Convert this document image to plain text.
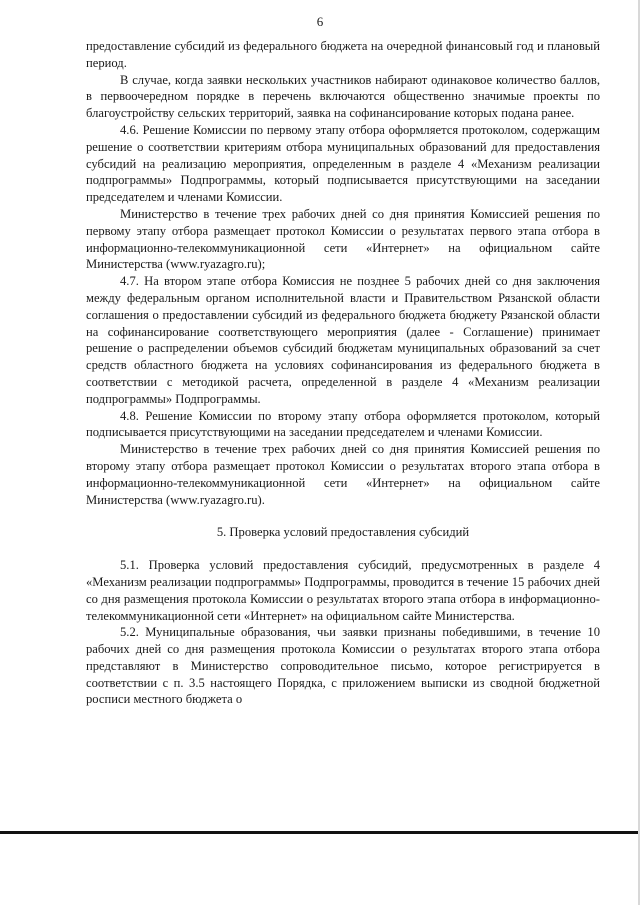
6

предоставление субсидий из федерального бюджета на очередной финансовый год и плановый период.

В случае, когда заявки нескольких участников набирают одинаковое количество баллов, в первоочередном порядке в перечень включаются общественно значимые проекты по благоустройству сельских территорий, заявка на софинансирование которых подана ранее.

4.6. Решение Комиссии по первому этапу отбора оформляется протоколом, содержащим решение о соответствии критериям отбора муниципальных образований для предоставления субсидий на реализацию мероприятия, определенным в разделе 4 «Механизм реализации подпрограммы» Подпрограммы, который подписывается присутствующими на заседании председателем и членами Комиссии.

Министерство в течение трех рабочих дней со дня принятия Комиссией решения по первому этапу отбора размещает протокол Комиссии о результатах первого этапа отбора в информационно-телекоммуникационной сети «Интернет» на официальном сайте Министерства (www.ryazagro.ru);

4.7. На втором этапе отбора Комиссия не позднее 5 рабочих дней со дня заключения между федеральным органом исполнительной власти и Правительством Рязанской области соглашения о предоставлении субсидий из федерального бюджета бюджету Рязанской области на софинансирование соответствующего мероприятия (далее - Соглашение) принимает решение о распределении объемов субсидий бюджетам муниципальных образований за счет средств областного бюджета на условиях софинансирования из федерального бюджета в соответствии с методикой расчета, определенной в разделе 4 «Механизм реализации подпрограммы» Подпрограммы.

4.8. Решение Комиссии по второму этапу отбора оформляется протоколом, который подписывается присутствующими на заседании председателем и членами Комиссии.

Министерство в течение трех рабочих дней со дня принятия Комиссией решения по второму этапу отбора размещает протокол Комиссии о результатах второго этапа отбора в информационно-телекоммуникационной сети «Интернет» на официальном сайте Министерства (www.ryazagro.ru).

5. Проверка условий предоставления субсидий

5.1. Проверка условий предоставления субсидий, предусмотренных в разделе 4 «Механизм реализации подпрограммы» Подпрограммы, проводится в течение 15 рабочих дней со дня размещения протокола Комиссии о результатах второго этапа отбора в информационно-телекоммуникационной сети «Интернет» на официальном сайте Министерства.

5.2. Муниципальные образования, чьи заявки признаны победившими, в течение 10 рабочих дней со дня размещения протокола Комиссии о результатах второго этапа отбора представляют в Министерство сопроводительное письмо, которое регистрируется в соответствии с п. 3.5 настоящего Порядка, с приложением выписки из сводной бюджетной росписи местного бюджета о
